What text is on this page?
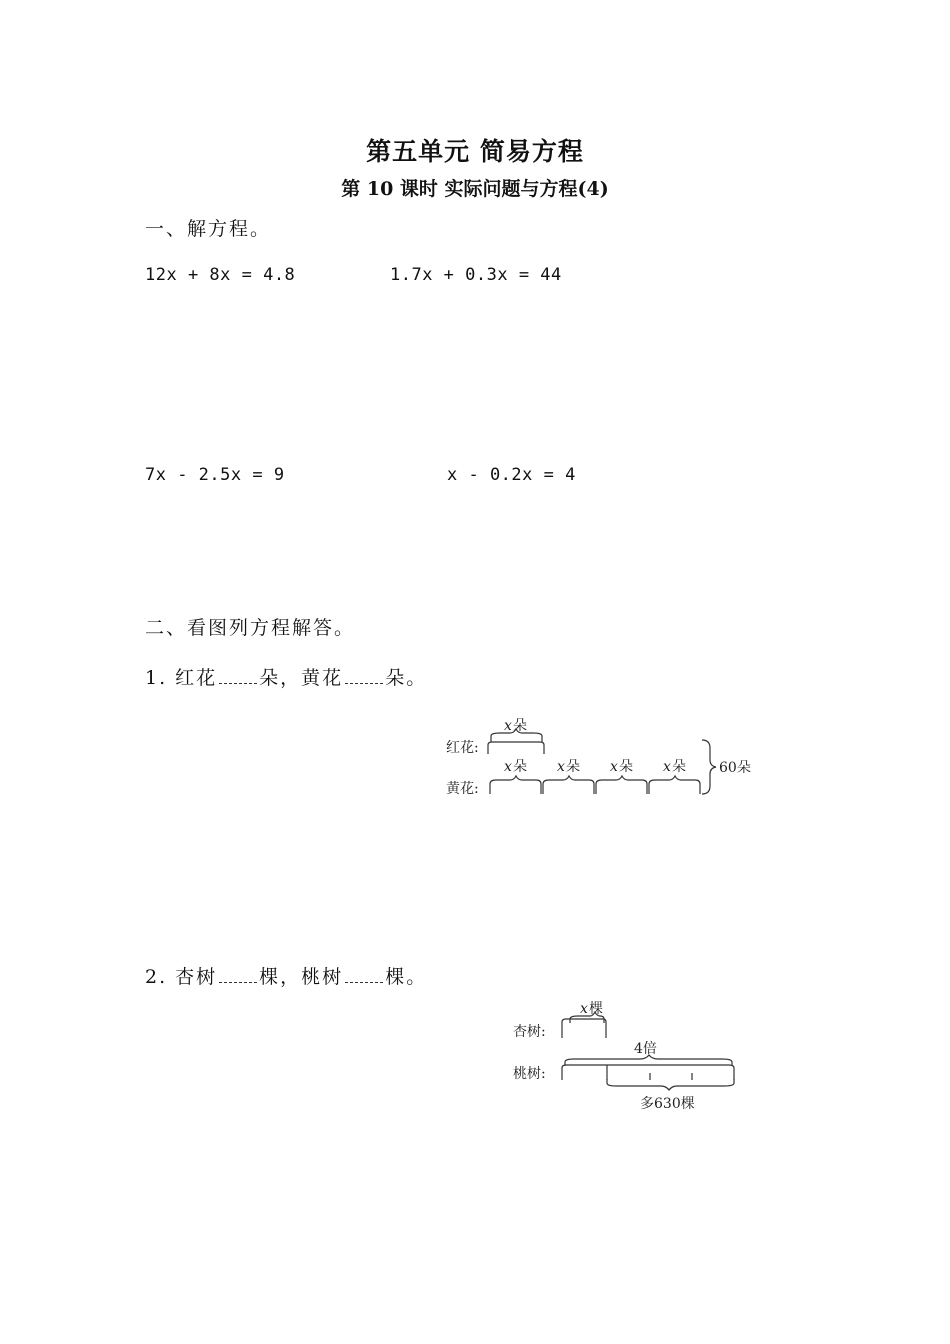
第五单元 简易方程
第 10 课时 实际问题与方程(4)
一、解方程。
12x + 8x = 4.8	1.7x + 0.3x = 44
7x - 2.5x = 9	x - 0.2x = 4
二、看图列方程解答。
1. 红花 朵，黄花 朵。
x 朵
红花:
x 朵 x 朵 x 朵 x 朵
黄花:
60朵
2. 杏树 棵，桃树 棵。
x 棵
杏树:
4倍
桃树:
多630棵
